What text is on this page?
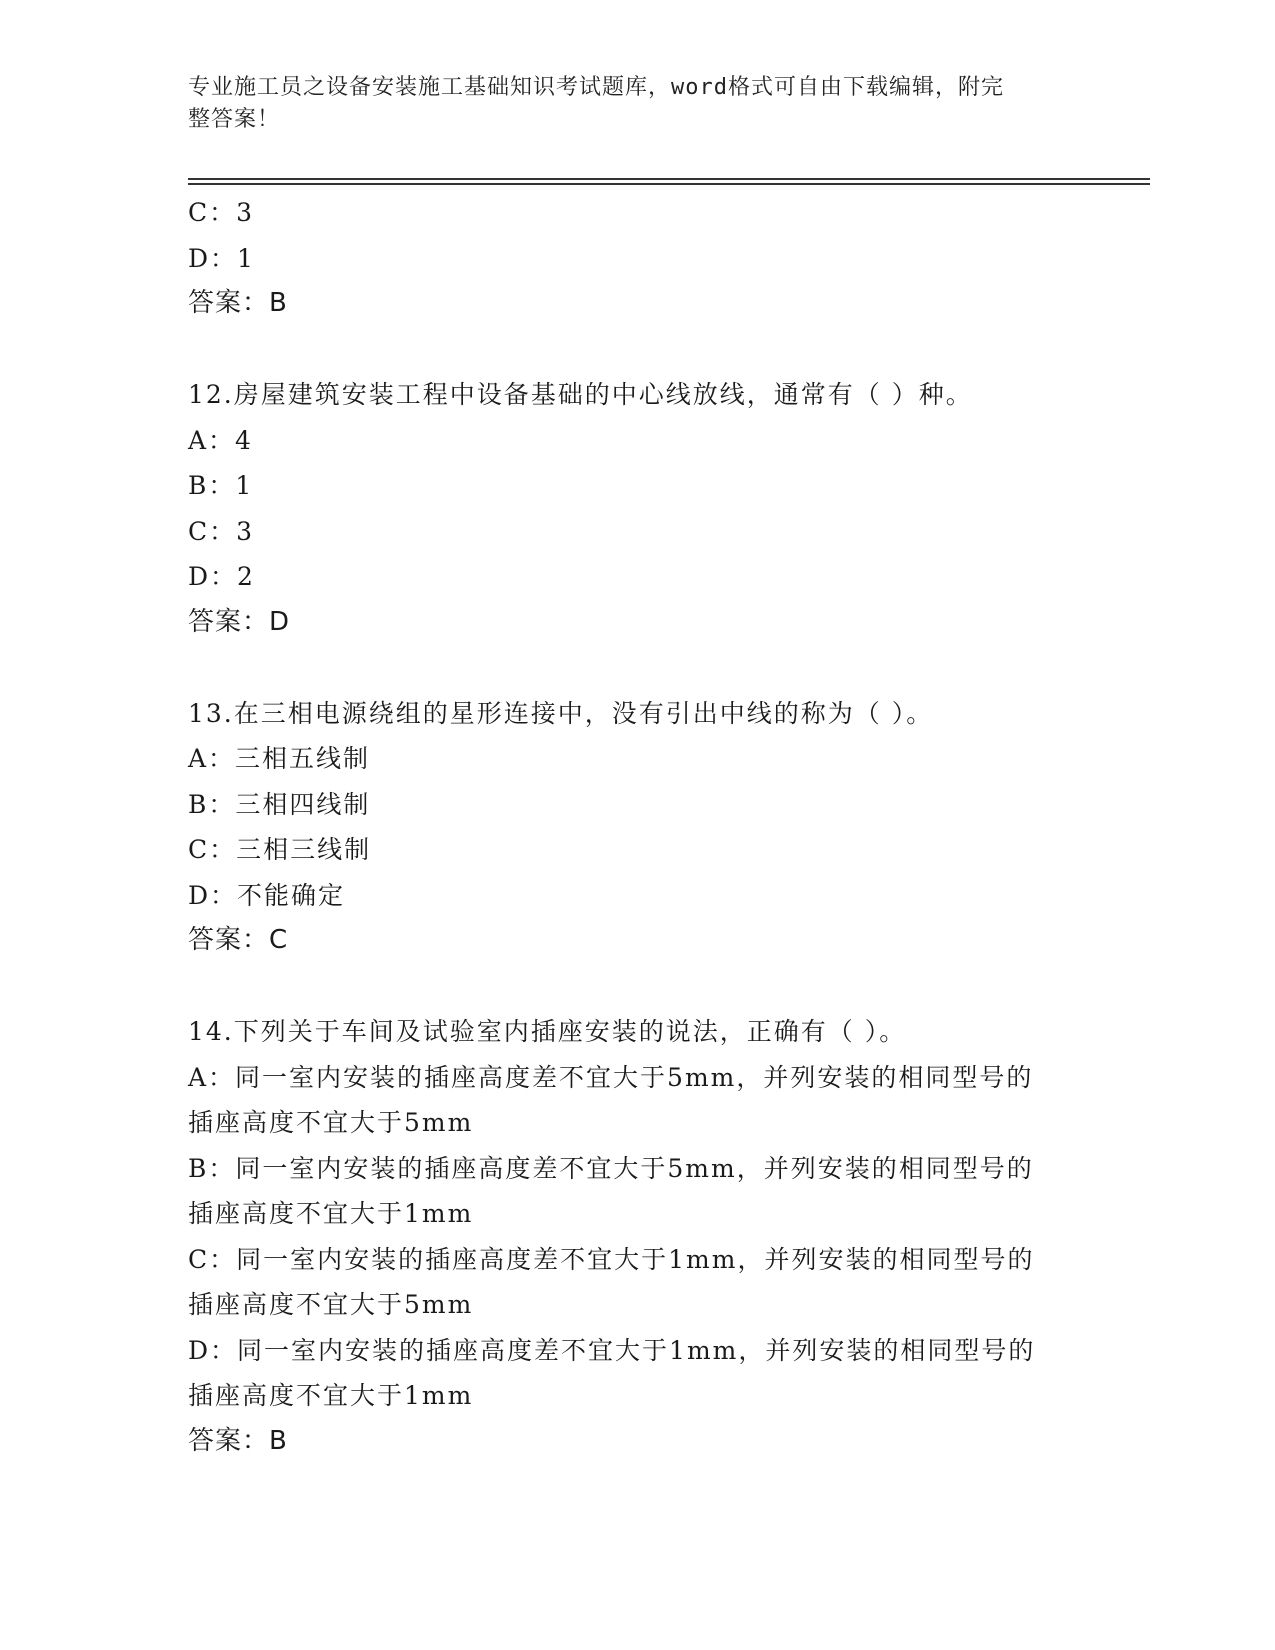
专业施工员之设备安装施工基础知识考试题库，word格式可自由下载编辑，附完
整答案！
C：3
D：1
答案：B
12.房屋建筑安装工程中设备基础的中心线放线，通常有（ ）种。
A：4
B：1
C：3
D：2
答案：D
13.在三相电源绕组的星形连接中，没有引出中线的称为（ ）。
A：三相五线制
B：三相四线制
C：三相三线制
D：不能确定
答案：C
14.下列关于车间及试验室内插座安装的说法，正确有（ ）。
A：同一室内安装的插座高度差不宜大于5mm，并列安装的相同型号的
插座高度不宜大于5mm
B：同一室内安装的插座高度差不宜大于5mm，并列安装的相同型号的
插座高度不宜大于1mm
C：同一室内安装的插座高度差不宜大于1mm，并列安装的相同型号的
插座高度不宜大于5mm
D：同一室内安装的插座高度差不宜大于1mm，并列安装的相同型号的
插座高度不宜大于1mm
答案：B
